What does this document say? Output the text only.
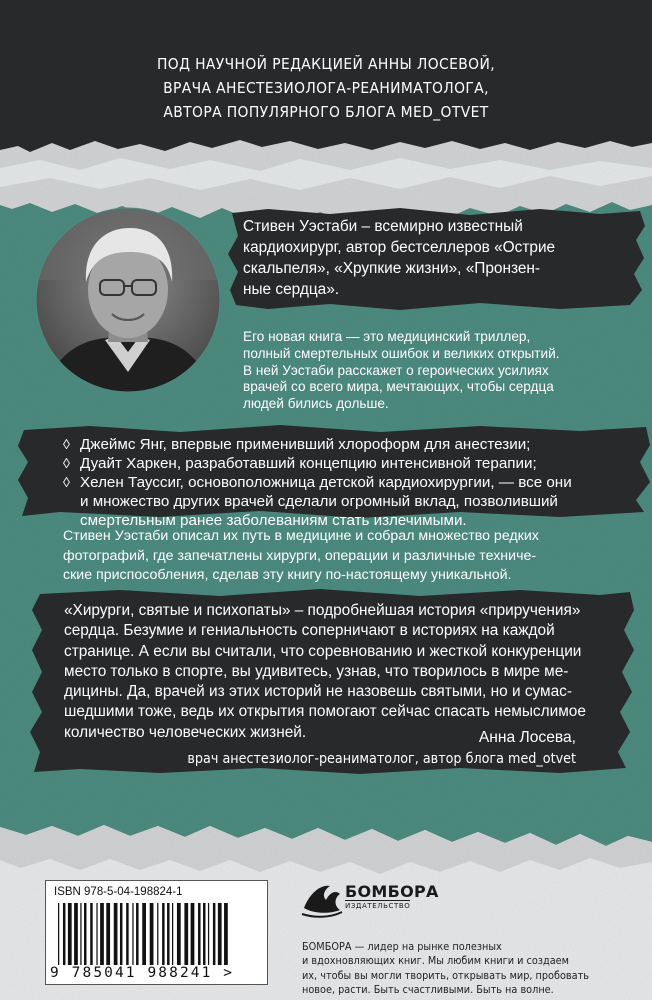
ПОД НАУЧНОЙ РЕДАКЦИЕЙ АННЫ ЛОСЕВОЙ,
ВРАЧА АНЕСТЕЗИОЛОГА-РЕАНИМАТОЛОГА,
АВТОРА ПОПУЛЯРНОГО БЛОГА MED_OTVET
Стивен Уэстаби – всемирно известный
кардиохирург, автор бестселлеров «Острие
скальпеля», «Хрупкие жизни», «Пронзен-
ные сердца».
Его новая книга — это медицинский триллер,
полный смертельных ошибок и великих открытий.
В ней Уэстаби расскажет о героических усилиях
врачей со всего мира, мечтающих, чтобы сердца
людей бились дольше.
◊ Джеймс Янг, впервые применивший хлороформ для анестезии;
◊ Дуайт Харкен, разработавший концепцию интенсивной терапии;
◊ Хелен Тауссиг, основоположница детской кардиохирургии, — все они
и множество других врачей сделали огромный вклад, позволивший
смертельным ранее заболеваниям стать излечимыми.
Стивен Уэстаби описал их путь в медицине и собрал множество редких
фотографий, где запечатлены хирурги, операции и различные техниче-
ские приспособления, сделав эту книгу по-настоящему уникальной.
«Хирурги, святые и психопаты» – подробнейшая история «приручения»
сердца. Безумие и гениальность соперничают в историях на каждой
странице. А если вы считали, что соревнованию и жесткой конкуренции
место только в спорте, вы удивитесь, узнав, что творилось в мире ме-
дицины. Да, врачей из этих историй не назовешь святыми, но и сумас-
шедшими тоже, ведь их открытия помогают сейчас спасать немыслимое
количество человеческих жизней.	Анна Лосева,
врач анестезиолог-реаниматолог, автор блога med_otvet
ISBN 978-5-04-198824-1
9 785041 988241 >
БОМБОРА
ИЗДАТЕЛЬСТВО
БОМБОРА — лидер на рынке полезных
и вдохновляющих книг. Мы любим книги и создаем
их, чтобы вы могли творить, открывать мир, пробовать
новое, расти. Быть счастливыми. Быть на волне.
